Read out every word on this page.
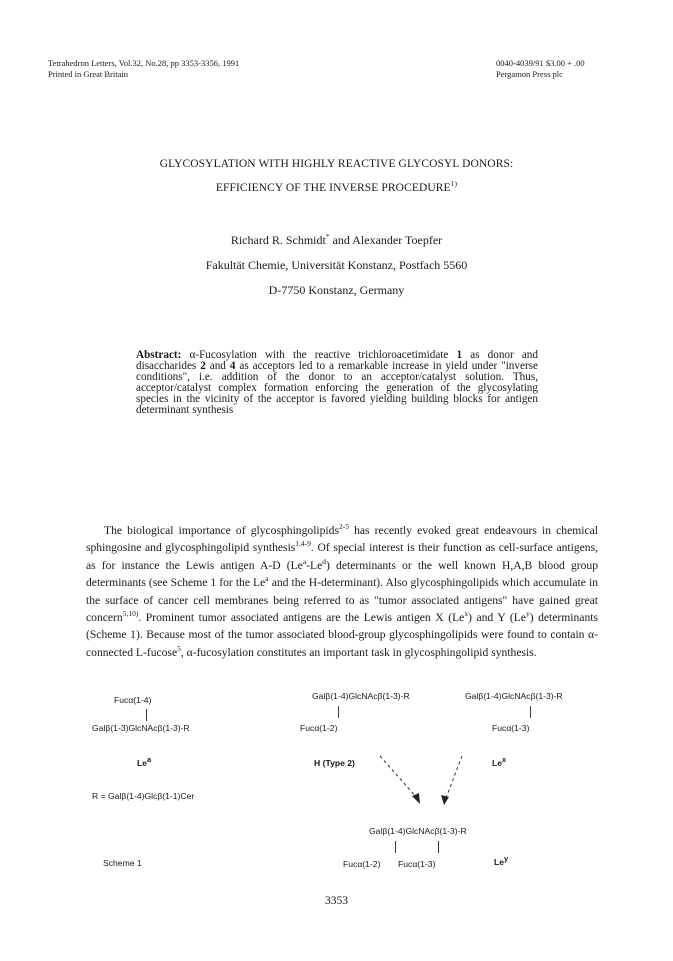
Tetrahedron Letters, Vol.32, No.28, pp 3353-3356, 1991
Printed in Great Britain
0040-4039/91 $3.00 + .00
Pergamon Press plc
GLYCOSYLATION WITH HIGHLY REACTIVE GLYCOSYL DONORS:
EFFICIENCY OF THE INVERSE PROCEDURE$^{1)}$
Richard R. Schmidt* and Alexander Toepfer
Fakultät Chemie, Universität Konstanz, Postfach 5560
D-7750 Konstanz, Germany
Abstract: α-Fucosylation with the reactive trichloroacetimidate 1 as donor and disaccharides 2 and 4 as acceptors led to a remarkable increase in yield under "inverse conditions", i.e. addition of the donor to an acceptor/catalyst solution. Thus, acceptor/catalyst complex formation enforcing the generation of the glycosylating species in the vicinity of the acceptor is favored yielding building blocks for antigen determinant synthesis

The biological importance of glycosphingolipids$^{2-5}$ has recently evoked great endeavours in chemical sphingosine and glycosphingolipid synthesis$^{1,4-9}$. Of special interest is their function as cell-surface antigens, as for instance the Lewis antigen A-D (Le$^a$-Le$^d$) determinants or the well known H,A,B blood group determinants (see Scheme 1 for the Le$^a$ and the H-determinant). Also glycosphingolipids which accumulate in the surface of cancer cell membranes being referred to as "tumor associated antigens" have gained great concern$^{5,10)}$. Prominent tumor associated antigens are the Lewis antigen X (Le$^x$) and Y (Le$^y$) determinants (Scheme 1). Because most of the tumor associated blood-group glycosphingolipids were found to contain α-connected L-fucose$^5$, α-fucosylation constitutes an important task in glycosphingolipid synthesis.

Fucα(1-4)
Galβ(1-3)GlcNAcβ(1-3)-R
Le$^a$
R = Galβ(1-4)Glcβ(1-1)Cer
Galβ(1-4)GlcNAcβ(1-3)-R
Fucα(1-2)
H (Type 2)
Galβ(1-4)GlcNAcβ(1-3)-R
Fucα(1-3)
Le$^x$
Galβ(1-4)GlcNAcβ(1-3)-R
Fucα(1-2) Fucα(1-3)	Le$^y$
Scheme 1
3353
